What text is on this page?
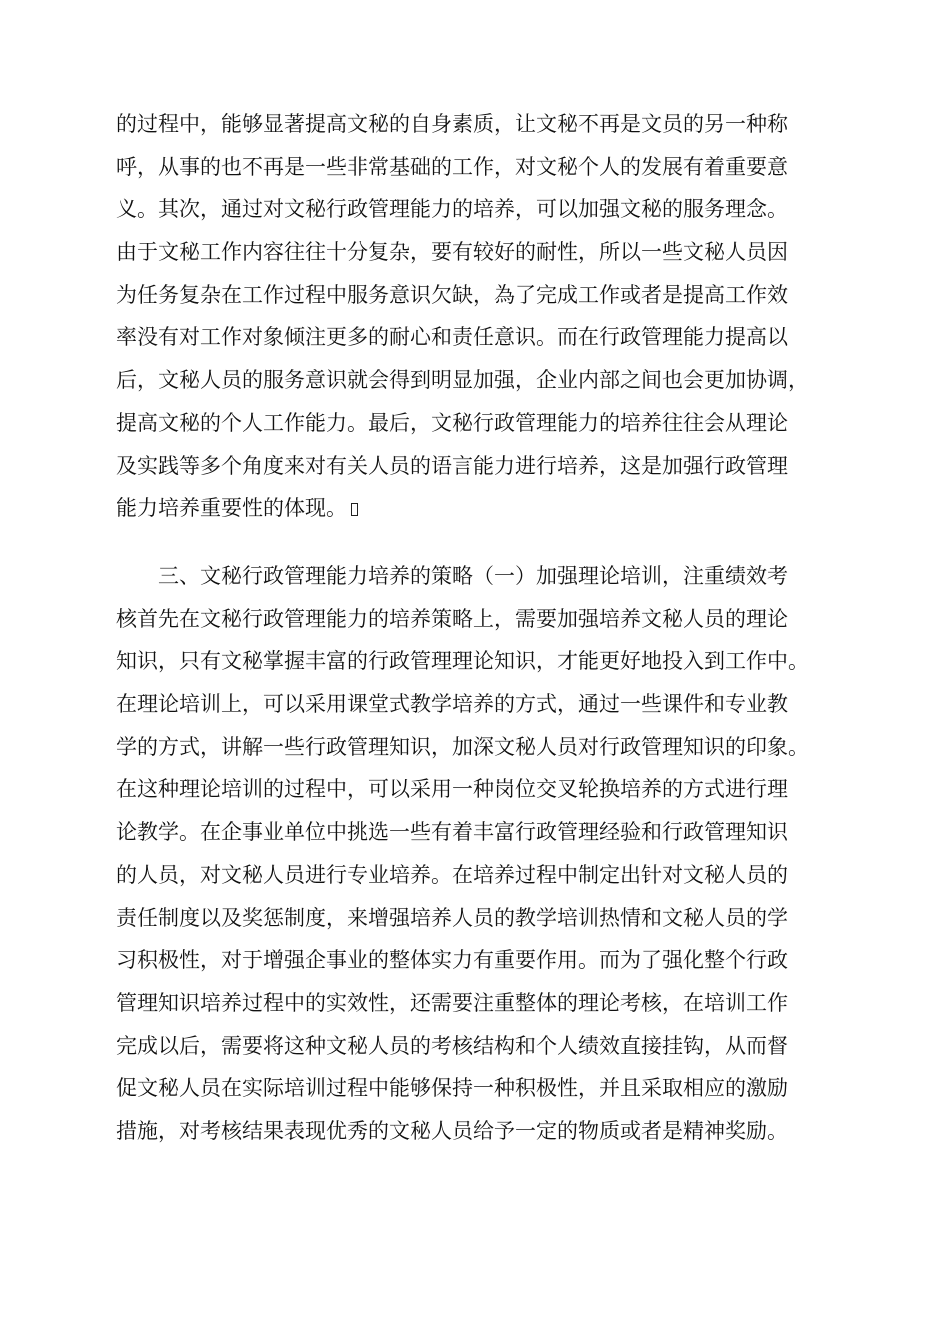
的过程中，能够显著提高文秘的自身素质，让文秘不再是文员的另一种称
呼，从事的也不再是一些非常基础的工作，对文秘个人的发展有着重要意
义。其次，通过对文秘行政管理能力的培养，可以加强文秘的服务理念。
由于文秘工作内容往往十分复杂，要有较好的耐性，所以一些文秘人员因
为任务复杂在工作过程中服务意识欠缺，為了完成工作或者是提高工作效
率没有对工作对象倾注更多的耐心和责任意识。而在行政管理能力提高以
后，文秘人员的服务意识就会得到明显加强，企业内部之间也会更加协调，
提高文秘的个人工作能力。最后，文秘行政管理能力的培养往往会从理论
及实践等多个角度来对有关人员的语言能力进行培养，这是加强行政管理
能力培养重要性的体现。
三、文秘行政管理能力培养的策略（一）加强理论培训，注重绩效考
核首先在文秘行政管理能力的培养策略上，需要加强培养文秘人员的理论
知识，只有文秘掌握丰富的行政管理理论知识，才能更好地投入到工作中。
在理论培训上，可以采用课堂式教学培养的方式，通过一些课件和专业教
学的方式，讲解一些行政管理知识，加深文秘人员对行政管理知识的印象。
在这种理论培训的过程中，可以采用一种岗位交叉轮换培养的方式进行理
论教学。在企事业单位中挑选一些有着丰富行政管理经验和行政管理知识
的人员，对文秘人员进行专业培养。在培养过程中制定出针对文秘人员的
责任制度以及奖惩制度，来增强培养人员的教学培训热情和文秘人员的学
习积极性，对于增强企事业的整体实力有重要作用。而为了强化整个行政
管理知识培养过程中的实效性，还需要注重整体的理论考核，在培训工作
完成以后，需要将这种文秘人员的考核结构和个人绩效直接挂钩，从而督
促文秘人员在实际培训过程中能够保持一种积极性，并且采取相应的激励
措施，对考核结果表现优秀的文秘人员给予一定的物质或者是精神奖励。
